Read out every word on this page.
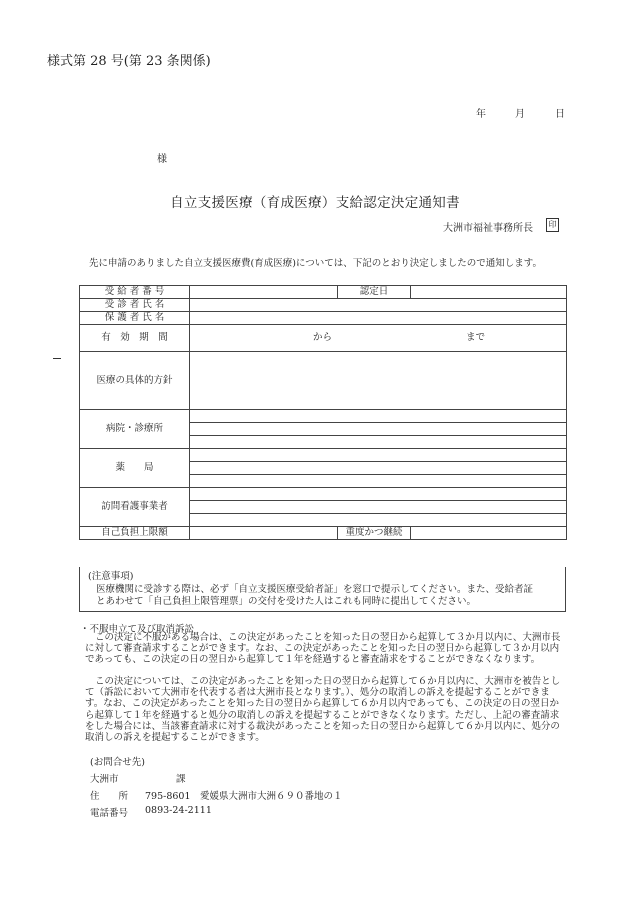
様式第 28 号(第 23 条関係)
年	月	日
様
自立支援医療（育成医療）支給認定決定通知書
大洲市福祉事務所長	印
先に申請のありました自立支援医療費(育成医療)については、下記のとおり決定しましたので通知します。
受 給 者 番 号		認定日	
受 診 者 氏 名			
保 護 者 氏 名			
有　効　期　間	から まで		

医療の具体的方針			
病院・診療所			

薬　　局			

訪問看護事業者			

自己負担上限額		重度かつ継続	
(注意事項)
医療機関に受診する際は、必ず「自立支援医療受給者証」を窓口で提示してください。また、受給者証
とあわせて「自己負担上限管理票」の交付を受けた人はこれも同時に提出してください。
・不服申立て及び取消訴訟
この決定に不服がある場合は、この決定があったことを知った日の翌日から起算して３か月以内に、大洲市長に対して審査請求することができます。なお、この決定があったことを知った日の翌日から起算して３か月以内であっても、この決定の日の翌日から起算して１年を経過すると審査請求をすることができなくなります。
この決定については、この決定があったことを知った日の翌日から起算して６か月以内に、大洲市を被告として（訴訟において大洲市を代表する者は大洲市長となります。）、処分の取消しの訴えを提起することができます。なお、この決定があったことを知った日の翌日から起算して６か月以内であっても、この決定の日の翌日から起算して１年を経過すると処分の取消しの訴えを提起することができなくなります。ただし、上記の審査請求をした場合には、当該審査請求に対する裁決があったことを知った日の翌日から起算して６か月以内に、処分の取消しの訴えを提起することができます。
(お問合せ先)
大洲市	課
住　　所 795-8601　愛媛県大洲市大洲６９０番地の１
電話番号 0893-24-2111
